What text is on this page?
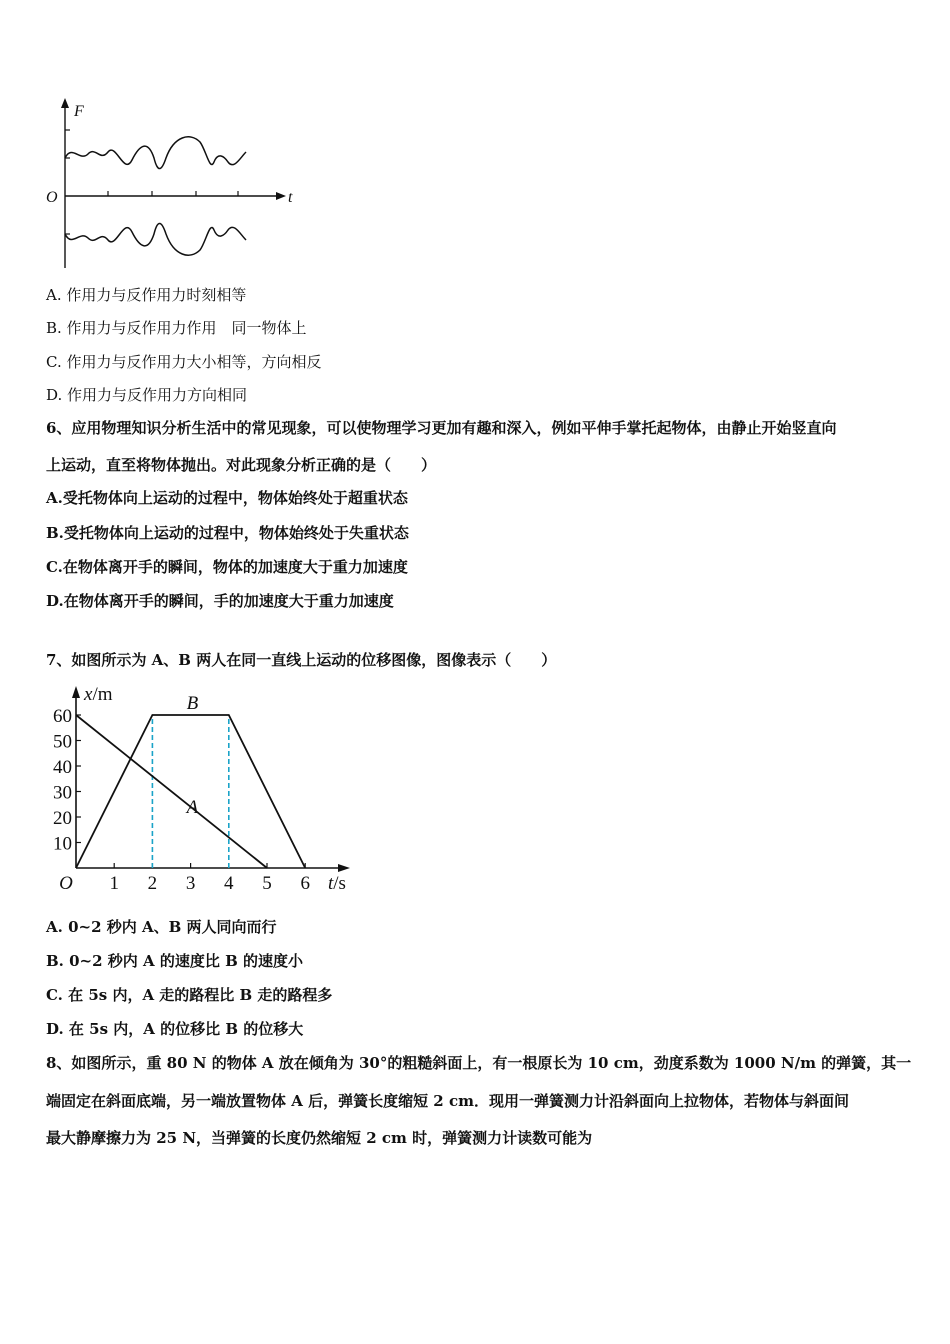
F
t
O
A. 作用力与反作用力时刻相等
B. 作用力与反作用力作用　同一物体上
C. 作用力与反作用力大小相等，方向相反
D. 作用力与反作用力方向相同
6、应用物理知识分析生活中的常见现象，可以使物理学习更加有趣和深入，例如平伸手掌托起物体，由静止开始竖直向
上运动，直至将物体抛出。对此现象分析正确的是（　　）
A.受托物体向上运动的过程中，物体始终处于超重状态
B.受托物体向上运动的过程中，物体始终处于失重状态
C.在物体离开手的瞬间，物体的加速度大于重力加速度
D.在物体离开手的瞬间，手的加速度大于重力加速度
7、如图所示为 A、B 两人在同一直线上运动的位移图像，图像表示（　　）
1 2 3 4 5 6
10
20
30
40
50
60
O
x/m
t/s
A
B
A. 0~2 秒内 A、B 两人同向而行
B. 0~2 秒内 A 的速度比 B 的速度小
C. 在 5s 内，A 走的路程比 B 走的路程多
D. 在 5s 内，A 的位移比 B 的位移大
8、如图所示，重 80 N 的物体 A 放在倾角为 30°的粗糙斜面上，有一根原长为 10 cm，劲度系数为 1000 N/m 的弹簧，其一
端固定在斜面底端，另一端放置物体 A 后，弹簧长度缩短 2 cm．现用一弹簧测力计沿斜面向上拉物体，若物体与斜面间
最大静摩擦力为 25 N，当弹簧的长度仍然缩短 2 cm 时，弹簧测力计读数可能为
